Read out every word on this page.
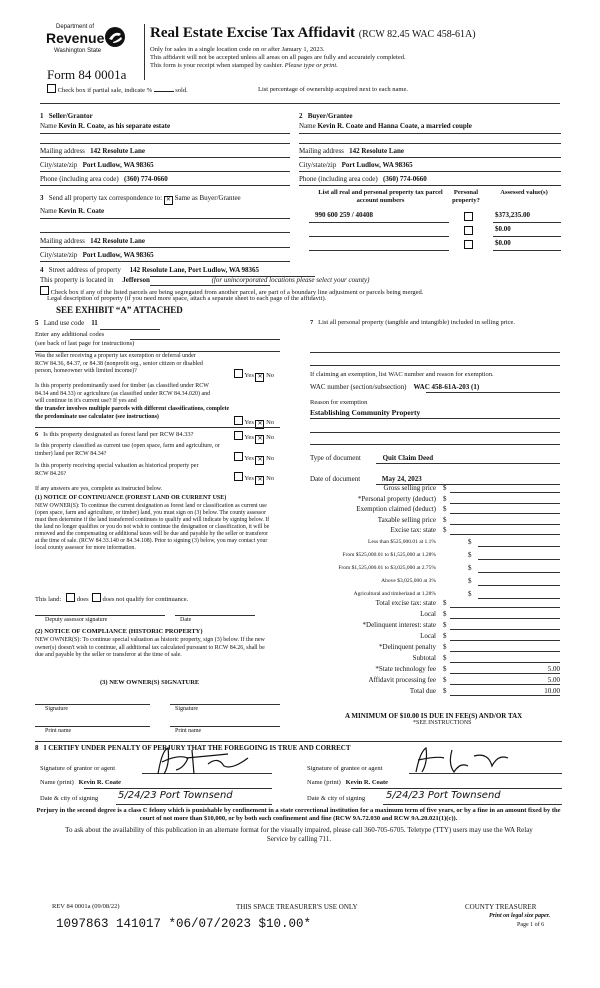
Department of
Revenue
Washington State
Form 84 0001a
Real Estate Excise Tax Affidavit (RCW 82.45 WAC 458-61A)
Only for sales in a single location code on or after January 1, 2023.
This affidavit will not be accepted unless all areas on all pages are fully and accurately completed.
This form is your receipt when stamped by cashier. Please type or print.
Check box if partial sale, indicate %	sold.	List percentage of ownership acquired next to each name.
1 Seller/Grantor
Name Kevin R. Coate, as his separate estate
Mailing address 142 Resolute Lane
City/state/zip Port Ludlow, WA 98365
Phone (including area code) (360) 774-0660
2 Buyer/Grantee
Name Kevin R. Coate and Hanna Coate, a married couple
Mailing address 142 Resolute Lane
City/state/zip Port Ludlow, WA 98365
Phone (including area code) (360) 774-0660
3 Send all property tax correspondence to: ✕ Same as Buyer/Grantee
Name Kevin R. Coate
Mailing address 142 Resolute Lane
City/state/zip Port Ludlow, WA 98365
List all real and personal property tax parcel account numbers
Personal property?
Assessed value(s)
990 600 259 / 40408	$373,235.00
$0.00
$0.00
4 Street address of property 142 Resolute Lane, Port Ludlow, WA 98365
This property is located in Jefferson	(for unincorporated locations please select your county)
Check box if any of the listed parcels are being segregated from another parcel, are part of a boundary line adjustment or parcels being merged.
Legal description of property (if you need more space, attach a separate sheet to each page of the affidavit).
SEE EXHIBIT “A” ATTACHED
5 Land use code 11
Enter any additional codes
(see back of last page for instructions)
Was the seller receiving a property tax exemption or deferral under RCW 84.36, 84.37, or 84.38 (nonprofit org., senior citizen or disabled person, homeowner with limited income)?
Yes ✕ No
Is this property predominantly used for timber (as classified under RCW 84.34 and 84.33) or agriculture (as classified under RCW 84.34.020) and will continue in it's current use? If yes and
the transfer involves multiple parcels with different classifications, complete the predominate use calculator (see instructions)
Yes ✕ No
6 Is this property designated as forest land per RCW 84.33?	Yes ✕ No
Is this property classified as current use (open space, farm and agriculture, or timber) land per RCW 84.34?
Yes ✕ No
Is this property receiving special valuation as historical property per RCW 84.26?
Yes ✕ No
If any answers are yes, complete as instructed below.
(1) NOTICE OF CONTINUANCE (FOREST LAND OR CURRENT USE)
NEW OWNER(S): To continue the current designation as forest land or classification as current use (open space, farm and agriculture, or timber) land, you must sign on (3) below. The county assessor must then determine if the land transferred continues to qualify and will indicate by signing below. If the land no longer qualifies or you do not wish to continue the designation or classification, it will be removed and the compensating or additional taxes will be due and payable by the seller or transferor at the time of sale. (RCW 84.33.140 or 84.34.108). Prior to signing (3) below, you may contact your local county assessor for more information.
This land: does does not qualify for continuance.
Deputy assessor signature	Date
(2) NOTICE OF COMPLIANCE (HISTORIC PROPERTY)
NEW OWNER(S): To continue special valuation as historic property, sign (3) below. If the new owner(s) doesn't wish to continue, all additional tax calculated pursuant to RCW 84.26, shall be due and payable by the seller or transferor at the time of sale.
(3) NEW OWNER(S) SIGNATURE
Signature	Signature
Print name	Print name
7 List all personal property (tangible and intangible) included in selling price.
If claiming an exemption, list WAC number and reason for exemption.
WAC number (section/subsection) WAC 458-61A-203 (1)
Reason for exemption
Establishing Community Property
Type of document	Quit Claim Deed
Date of document	May 24, 2023
Gross selling price $
*Personal property (deduct) $
Exemption claimed (deduct) $
Taxable selling price $
Excise tax: state $
Less than $525,000.01 at 1.1%	$
From $525,000.01 to $1,525,000 at 1.28%	$
From $1,525,000.01 to $3,025,000 at 2.75%	$
Above $3,025,000 at 3%	$
Agricultural and timberland at 1.28%	$
Total excise tax: state $
Local $
*Delinquent interest: state $
Local $
*Delinquent penalty $
Subtotal $
*State technology fee $	5.00
Affidavit processing fee $	5.00
Total due $	10.00
A MINIMUM OF $10.00 IS DUE IN FEE(S) AND/OR TAX
*SEE INSTRUCTIONS
8 I CERTIFY UNDER PENALTY OF PERJURY THAT THE FOREGOING IS TRUE AND CORRECT
Signature of grantor or agent	Signature of grantee or agent
Name (print) Kevin R. Coate	Name (print) Kevin R. Coate
Date & city of signing 5/24/23 Port Townsend	Date & city of signing 5/24/23 Port Townsend
Perjury in the second degree is a class C felony which is punishable by confinement in a state correctional institution for a maximum term of five years, or by a fine in an amount fixed by the court of not more than $10,000, or by both such confinement and fine (RCW 9A.72.030 and RCW 9A.20.021(1)(c)).
To ask about the availability of this publication in an alternate format for the visually impaired, please call 360-705-6705. Teletype (TTY) users may use the WA Relay Service by calling 711.
REV 84 0001a (09/08/22)	THIS SPACE TREASURER'S USE ONLY	COUNTY TREASURER
Print on legal size paper.
Page 1 of 6
1097863 141017 *06/07/2023 $10.00*
